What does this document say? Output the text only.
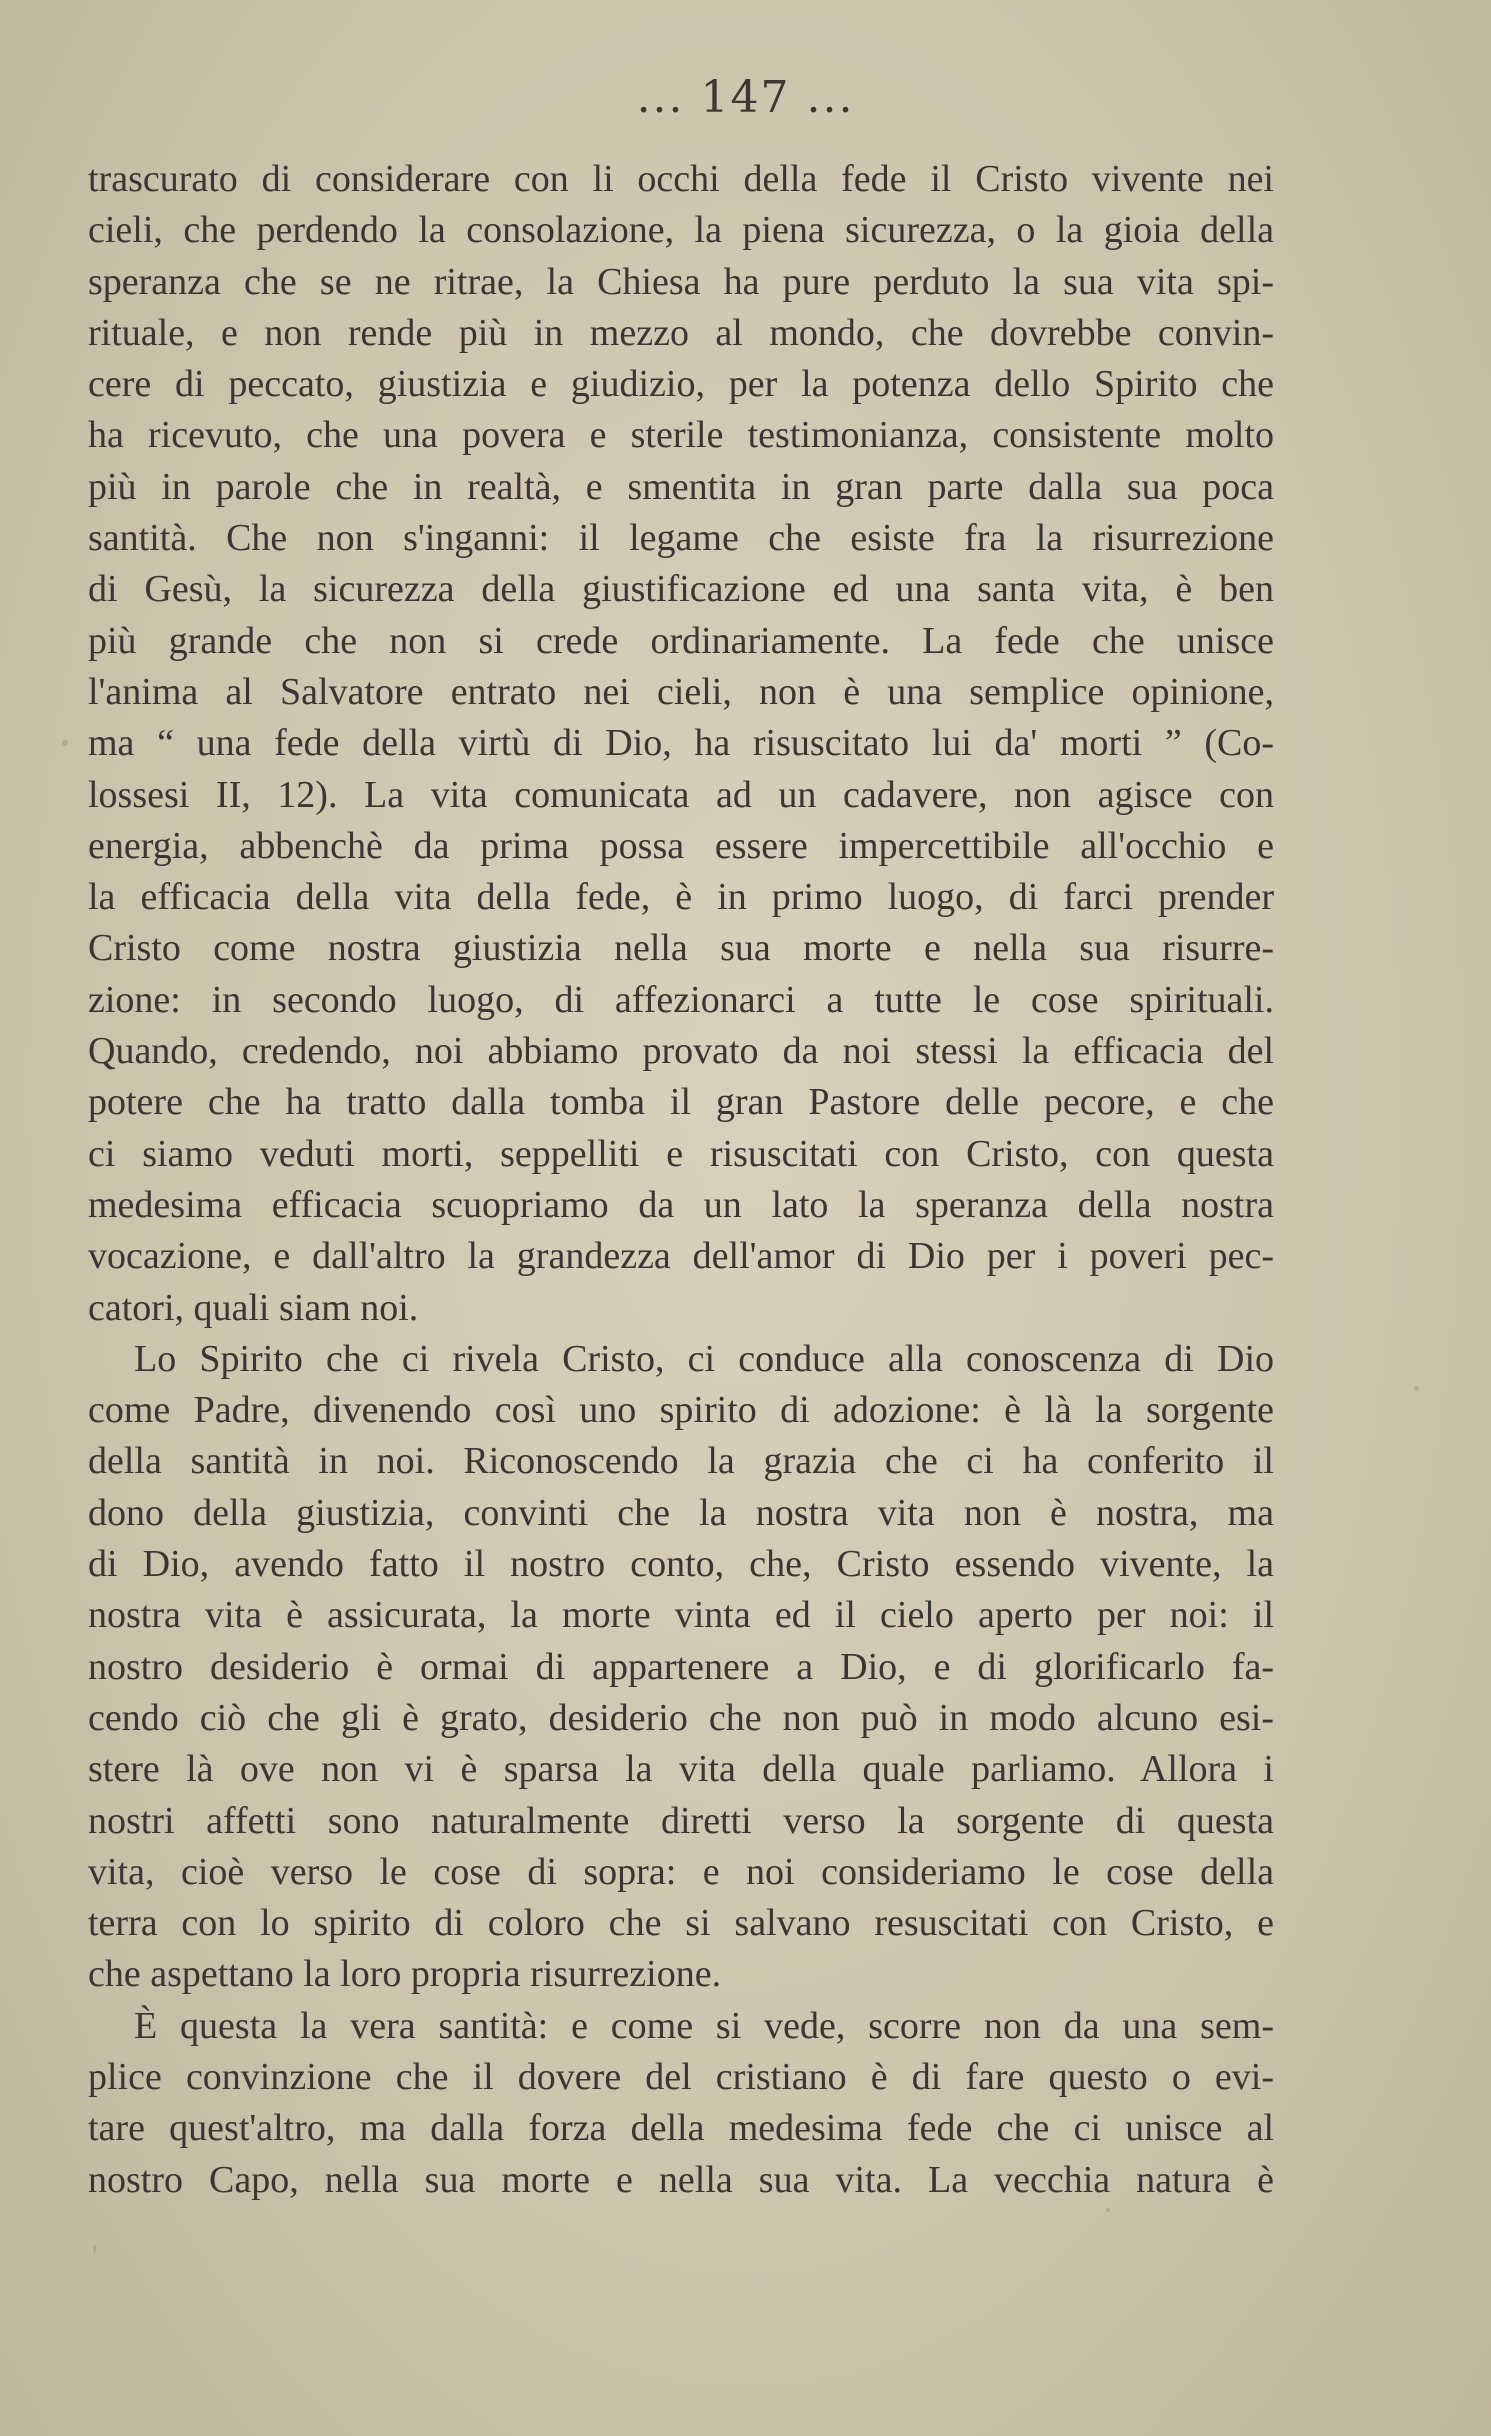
... 147 ...
trascurato di considerare con li occhi della fede il Cristo vivente nei
cieli, che perdendo la consolazione, la piena sicurezza, o la gioia della
speranza che se ne ritrae, la Chiesa ha pure perduto la sua vita spi-
rituale, e non rende più in mezzo al mondo, che dovrebbe convin-
cere di peccato, giustizia e giudizio, per la potenza dello Spirito che
ha ricevuto, che una povera e sterile testimonianza, consistente molto
più in parole che in realtà, e smentita in gran parte dalla sua poca
santità. Che non s'inganni: il legame che esiste fra la risurrezione
di Gesù, la sicurezza della giustificazione ed una santa vita, è ben
più grande che non si crede ordinariamente. La fede che unisce
l'anima al Salvatore entrato nei cieli, non è una semplice opinione,
ma “ una fede della virtù di Dio, ha risuscitato lui da' morti ” (Co-
lossesi II, 12). La vita comunicata ad un cadavere, non agisce con
energia, abbenchè da prima possa essere impercettibile all'occhio e
la efficacia della vita della fede, è in primo luogo, di farci prender
Cristo come nostra giustizia nella sua morte e nella sua risurre-
zione: in secondo luogo, di affezionarci a tutte le cose spirituali.
Quando, credendo, noi abbiamo provato da noi stessi la efficacia del
potere che ha tratto dalla tomba il gran Pastore delle pecore, e che
ci siamo veduti morti, seppelliti e risuscitati con Cristo, con questa
medesima efficacia scuopriamo da un lato la speranza della nostra
vocazione, e dall'altro la grandezza dell'amor di Dio per i poveri pec-
catori, quali siam noi.
Lo Spirito che ci rivela Cristo, ci conduce alla conoscenza di Dio
come Padre, divenendo così uno spirito di adozione: è là la sorgente
della santità in noi. Riconoscendo la grazia che ci ha conferito il
dono della giustizia, convinti che la nostra vita non è nostra, ma
di Dio, avendo fatto il nostro conto, che, Cristo essendo vivente, la
nostra vita è assicurata, la morte vinta ed il cielo aperto per noi: il
nostro desiderio è ormai di appartenere a Dio, e di glorificarlo fa-
cendo ciò che gli è grato, desiderio che non può in modo alcuno esi-
stere là ove non vi è sparsa la vita della quale parliamo. Allora i
nostri affetti sono naturalmente diretti verso la sorgente di questa
vita, cioè verso le cose di sopra: e noi consideriamo le cose della
terra con lo spirito di coloro che si salvano resuscitati con Cristo, e
che aspettano la loro propria risurrezione.
È questa la vera santità: e come si vede, scorre non da una sem-
plice convinzione che il dovere del cristiano è di fare questo o evi-
tare quest'altro, ma dalla forza della medesima fede che ci unisce al
nostro Capo, nella sua morte e nella sua vita. La vecchia natura è
